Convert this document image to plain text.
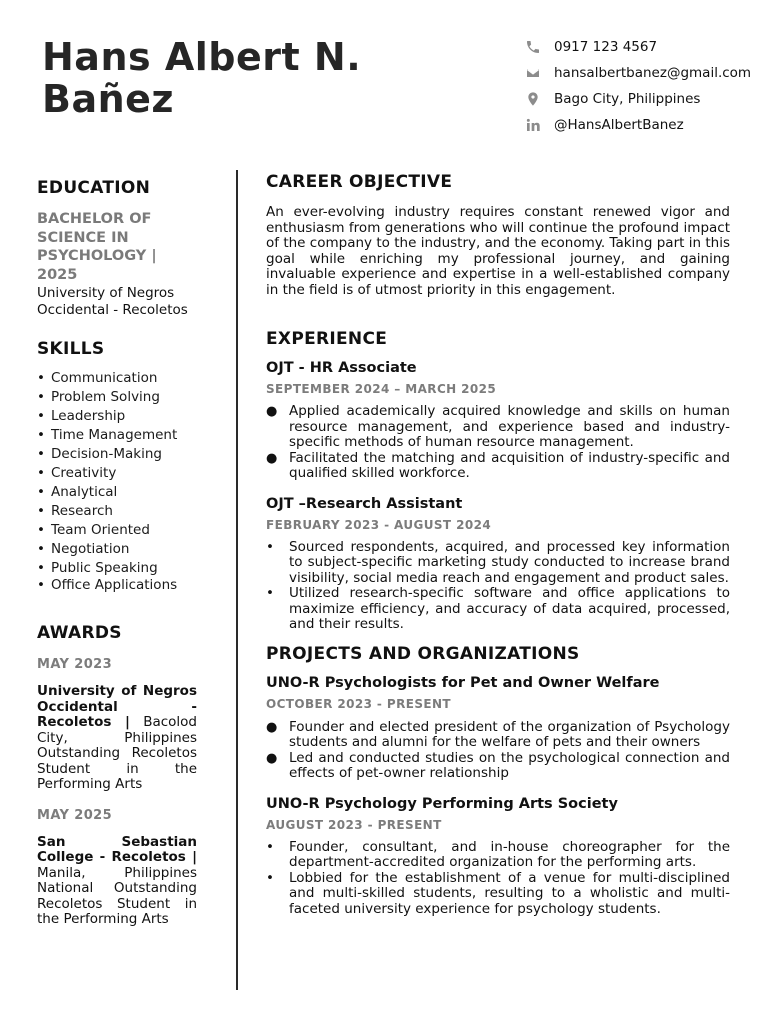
Hans Albert N.
Bañez
0917 123 4567
hansalbertbanez@gmail.com
Bago City, Philippines
@HansAlbertBanez
EDUCATION
BACHELOR OF SCIENCE IN PSYCHOLOGY | 2025
University of Negros Occidental - Recoletos
SKILLS
• Communication
• Problem Solving
• Leadership
• Time Management
• Decision-Making
• Creativity
• Analytical
• Research
• Team Oriented
• Negotiation
• Public Speaking
• Office Applications
AWARDS
MAY 2023
University of Negros Occidental - Recoletos | Bacolod City, Philippines Outstanding Recoletos Student in the Performing Arts
MAY 2025
San Sebastian College - Recoletos | Manila, Philippines National Outstanding Recoletos Student in the Performing Arts
CAREER OBJECTIVE
An ever-evolving industry requires constant renewed vigor and enthusiasm from generations who will continue the profound impact of the company to the industry, and the economy. Taking part in this goal while enriching my professional journey, and gaining invaluable experience and expertise in a well-established company in the field is of utmost priority in this engagement.
EXPERIENCE
OJT - HR Associate
SEPTEMBER 2024 – MARCH 2025
● Applied academically acquired knowledge and skills on human resource management, and experience based and industry-specific methods of human resource management.
● Facilitated the matching and acquisition of industry-specific and qualified skilled workforce.
OJT –Research Assistant
FEBRUARY 2023 - AUGUST 2024
• Sourced respondents, acquired, and processed key information to subject-specific marketing study conducted to increase brand visibility, social media reach and engagement and product sales.
• Utilized research-specific software and office applications to maximize efficiency, and accuracy of data acquired, processed, and their results.
PROJECTS AND ORGANIZATIONS
UNO-R Psychologists for Pet and Owner Welfare
OCTOBER 2023 - PRESENT
● Founder and elected president of the organization of Psychology students and alumni for the welfare of pets and their owners
● Led and conducted studies on the psychological connection and effects of pet-owner relationship
UNO-R Psychology Performing Arts Society
AUGUST 2023 - PRESENT
• Founder, consultant, and in-house choreographer for the department-accredited organization for the performing arts.
• Lobbied for the establishment of a venue for multi-disciplined and multi-skilled students, resulting to a wholistic and multi-faceted university experience for psychology students.
